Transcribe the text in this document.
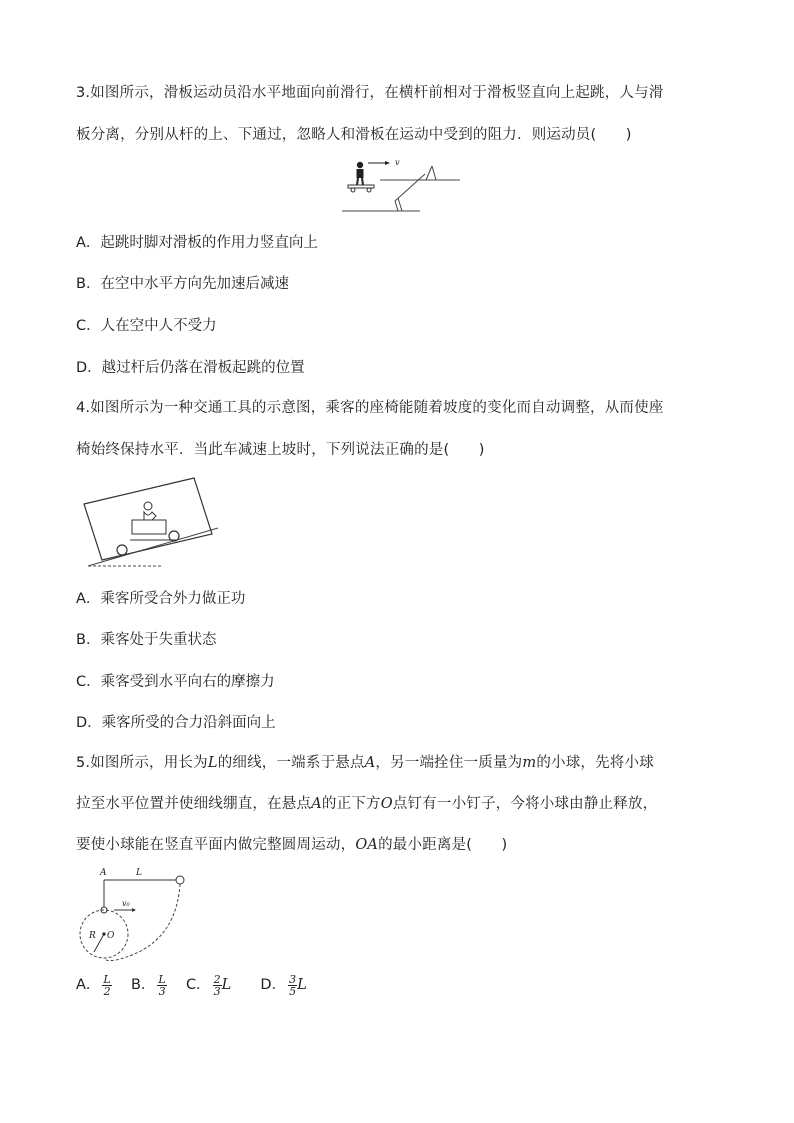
3.如图所示，滑板运动员沿水平地面向前滑行，在横杆前相对于滑板竖直向上起跳，人与滑
板分离，分别从杆的上、下通过，忽略人和滑板在运动中受到的阻力．则运动员(　　)
v
A．起跳时脚对滑板的作用力竖直向上
B．在空中水平方向先加速后减速
C．人在空中人不受力
D．越过杆后仍落在滑板起跳的位置
4.如图所示为一种交通工具的示意图，乘客的座椅能随着坡度的变化而自动调整，从而使座
椅始终保持水平．当此车减速上坡时，下列说法正确的是(　　)
A．乘客所受合外力做正功
B．乘客处于失重状态
C．乘客受到水平向右的摩擦力
D．乘客所受的合力沿斜面向上
5.如图所示，用长为L的细线，一端系于悬点A，另一端拴住一质量为m的小球，先将小球
拉至水平位置并使细线绷直，在悬点A的正下方O点钉有一小钉子，今将小球由静止释放，
要使小球能在竖直平面内做完整圆周运动，OA的最小距离是(　　)
A	L
v₀
R O
A． $\frac{L}{2}$ B． $\frac{L}{3}$ C． $\frac{2}{3}$ L D． $\frac{3}{5}$ L
